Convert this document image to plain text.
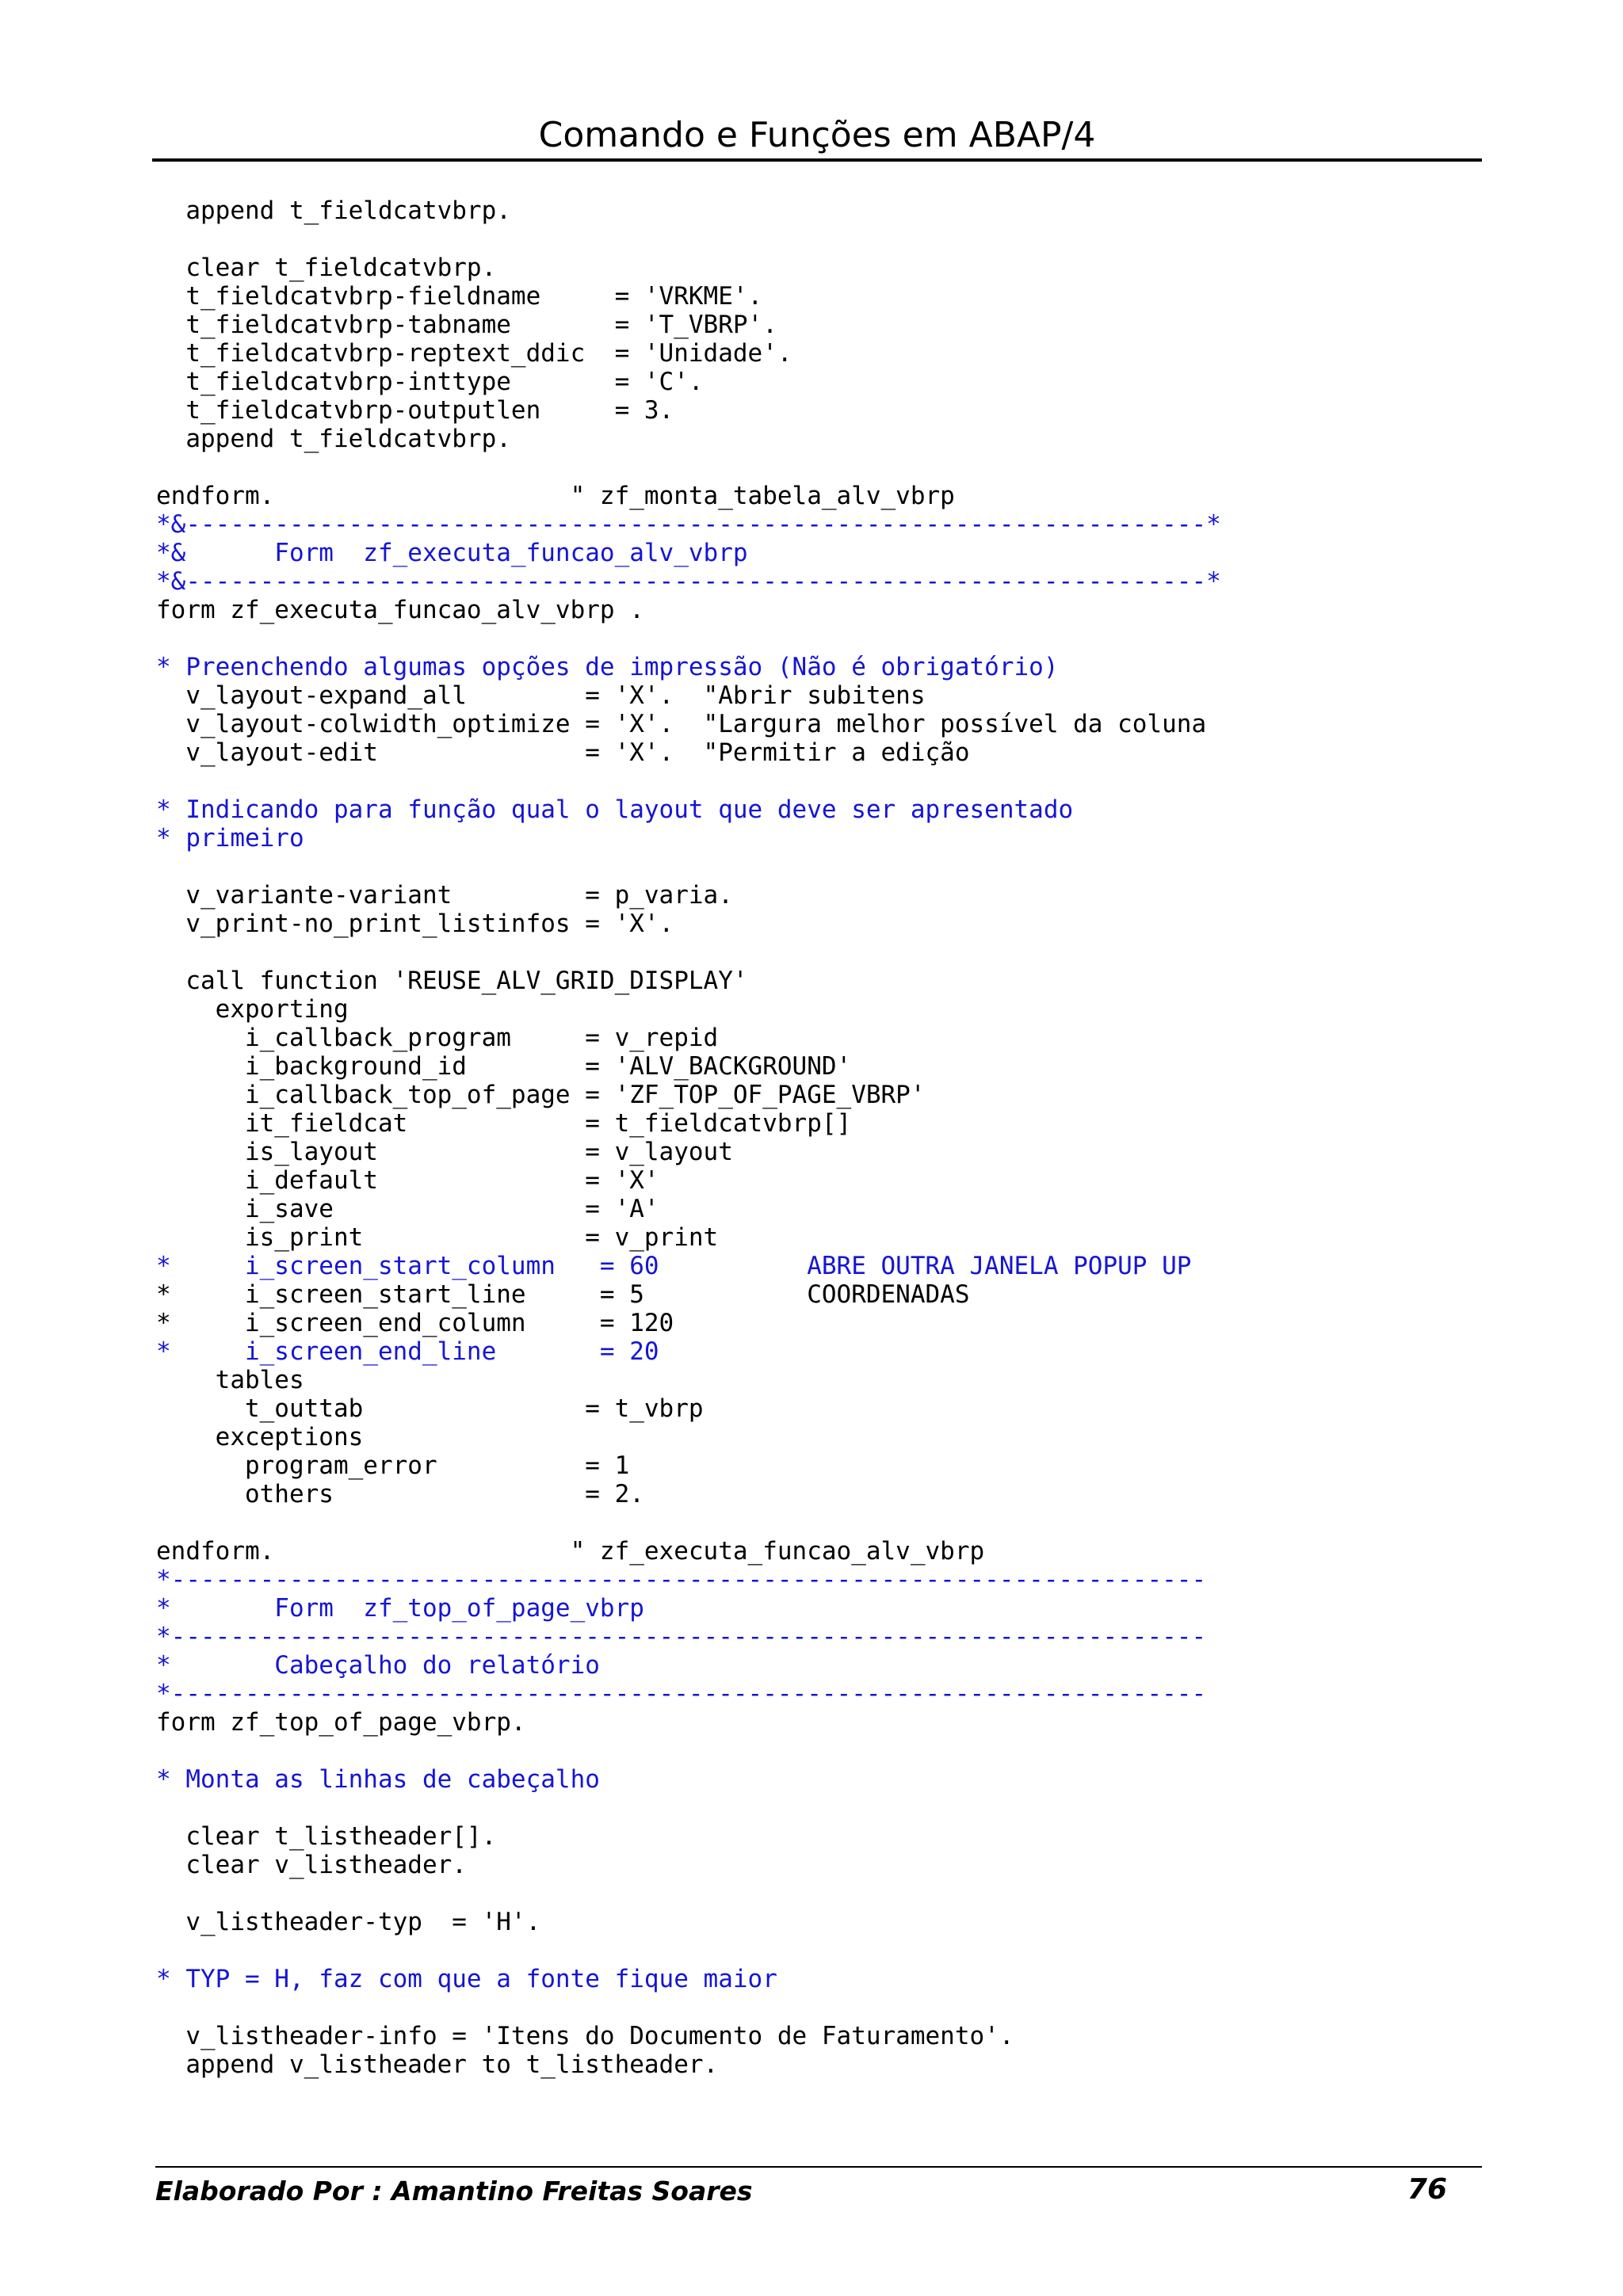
Comando e Funções em ABAP/4
append t_fieldcatvbrp.
clear t_fieldcatvbrp.
t_fieldcatvbrp-fieldname     = 'VRKME'.
t_fieldcatvbrp-tabname       = 'T_VBRP'.
t_fieldcatvbrp-reptext_ddic  = 'Unidade'.
t_fieldcatvbrp-inttype       = 'C'.
t_fieldcatvbrp-outputlen     = 3.
append t_fieldcatvbrp.
endform.                    " zf_monta_tabela_alv_vbrp
*&---------------------------------------------------------------------*
*&      Form  zf_executa_funcao_alv_vbrp
*&---------------------------------------------------------------------*
form zf_executa_funcao_alv_vbrp .
* Preenchendo algumas opções de impressão (Não é obrigatório)
v_layout-expand_all        = 'X'.  "Abrir subitens
v_layout-colwidth_optimize = 'X'.  "Largura melhor possível da coluna
v_layout-edit              = 'X'.  "Permitir a edição
* Indicando para função qual o layout que deve ser apresentado
* primeiro
v_variante-variant         = p_varia.
v_print-no_print_listinfos = 'X'.
call function 'REUSE_ALV_GRID_DISPLAY'
exporting
i_callback_program     = v_repid
i_background_id        = 'ALV_BACKGROUND'
i_callback_top_of_page = 'ZF_TOP_OF_PAGE_VBRP'
it_fieldcat            = t_fieldcatvbrp[]
is_layout              = v_layout
i_default              = 'X'
i_save                 = 'A'
is_print               = v_print
*     i_screen_start_column   = 60          ABRE OUTRA JANELA POPUP UP
*     i_screen_start_line     = 5           COORDENADAS
*     i_screen_end_column     = 120
*     i_screen_end_line       = 20
tables
t_outtab               = t_vbrp
exceptions
program_error          = 1
others                 = 2.
endform.                    " zf_executa_funcao_alv_vbrp
*----------------------------------------------------------------------
*       Form  zf_top_of_page_vbrp
*----------------------------------------------------------------------
*       Cabeçalho do relatório
*----------------------------------------------------------------------
form zf_top_of_page_vbrp.
* Monta as linhas de cabeçalho
clear t_listheader[].
clear v_listheader.
v_listheader-typ  = 'H'.
* TYP = H, faz com que a fonte fique maior
v_listheader-info = 'Itens do Documento de Faturamento'.
append v_listheader to t_listheader.
Elaborado Por : Amantino Freitas Soares	76
